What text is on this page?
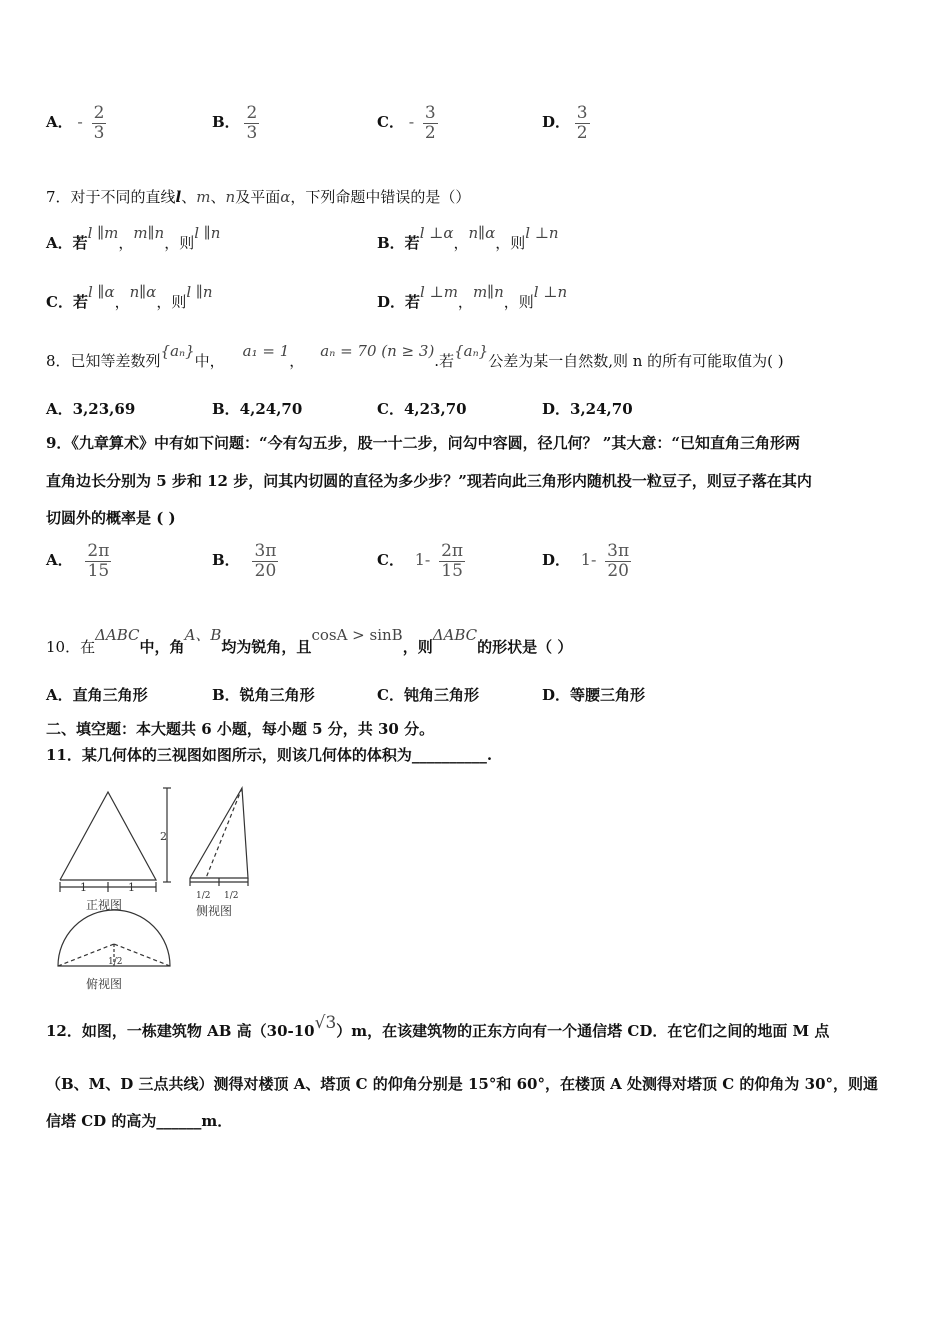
A． - $\frac{2}{3}$	B． $\frac{2}{3}$	C． - $\frac{3}{2}$	D． $\frac{3}{2}$
7．对于不同的直线l、m、n及平面α，下列命题中错误的是（）
A．若l ∥m，m∥n，则l ∥n
B．若l ⊥α，n∥α，则l ⊥n
C．若l ∥α，n∥α，则l ∥n
D．若l ⊥m，m∥n，则l ⊥n
8．已知等差数列{aₙ}中，a₁ = 1，aₙ = 70 (n ≥ 3).若{aₙ}公差为某一自然数,则 n 的所有可能取值为( )
A．3,23,69	B．4,24,70	C．4,23,70	D．3,24,70
9．《九章算术》中有如下问题：“今有勾五步，股一十二步，问勾中容圆，径几何？ ”其大意：“已知直角三角形两
直角边长分别为 5 步和 12 步，问其内切圆的直径为多少步？”现若向此三角形内随机投一粒豆子，则豆子落在其内
切圆外的概率是 ( )
A． $\frac{2\pi}{15}$	B． $\frac{3\pi}{20}$	C． $1- \frac{2\pi}{15}$	D． $1- \frac{3\pi}{20}$
10．在ΔABC中，角A、B均为锐角，且cosA > sinB，则ΔABC的形状是（ ）
A．直角三角形	B．锐角三角形	C．钝角三角形	D．等腰三角形
二、填空题：本大题共 6 小题，每小题 5 分，共 30 分。
11．某几何体的三视图如图所示，则该几何体的体积为__________.
1	1
2
1/2 1/2
1/2
正视图	侧视图
俯视图
12．如图，一栋建筑物 AB 高（30-10√3）m，在该建筑物的正东方向有一个通信塔 CD．在它们之间的地面 M 点
（B、M、D 三点共线）测得对楼顶 A、塔顶 C 的仰角分别是 15°和 60°，在楼顶 A 处测得对塔顶 C 的仰角为 30°，则通
信塔 CD 的高为______m．
